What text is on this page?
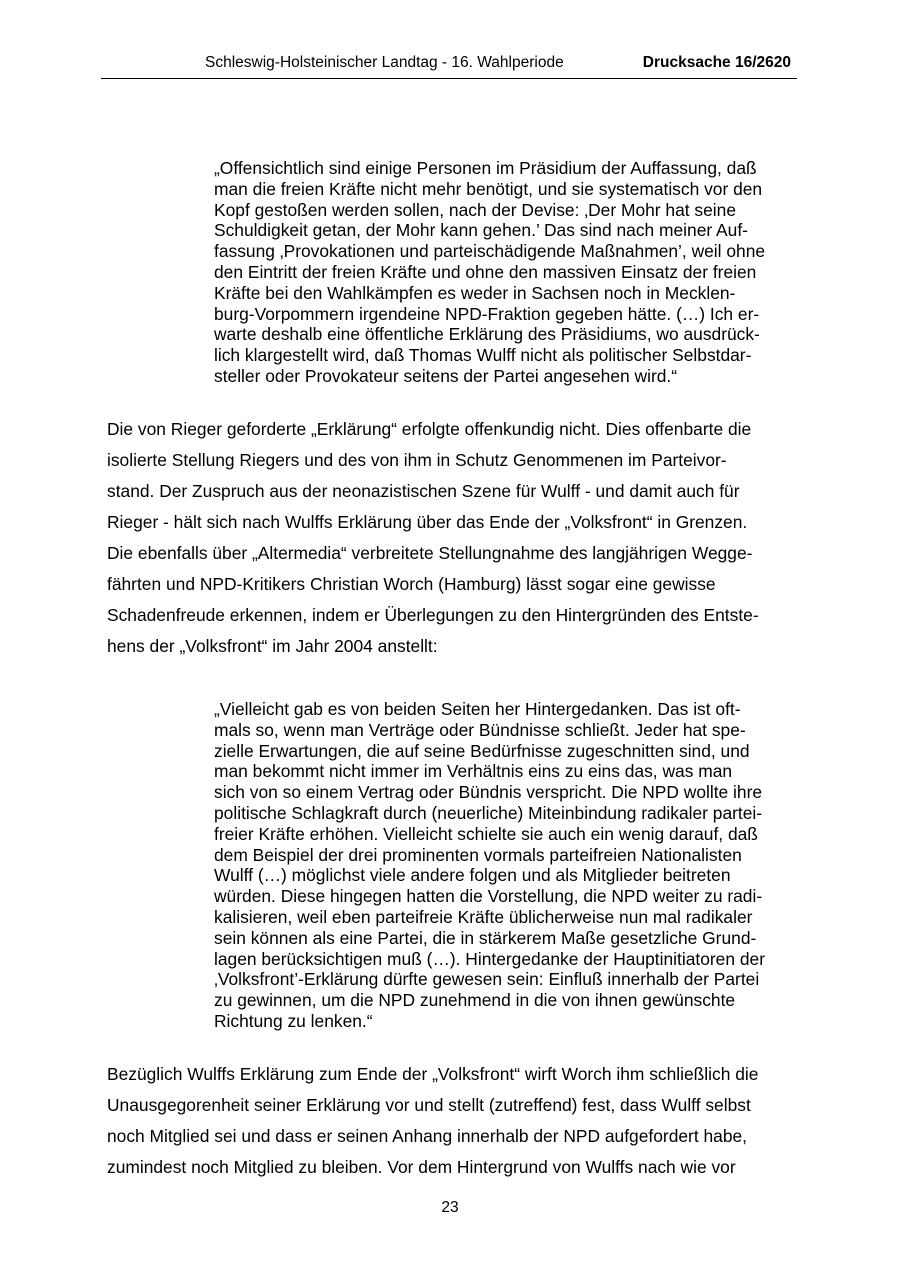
Schleswig-Holsteinischer Landtag - 16. Wahlperiode	Drucksache 16/2620
„Offensichtlich sind einige Personen im Präsidium der Auffassung, daß
man die freien Kräfte nicht mehr benötigt, und sie systematisch vor den
Kopf gestoßen werden sollen, nach der Devise: ‚Der Mohr hat seine
Schuldigkeit getan, der Mohr kann gehen.’ Das sind nach meiner Auf-
fassung ‚Provokationen und parteischädigende Maßnahmen’, weil ohne
den Eintritt der freien Kräfte und ohne den massiven Einsatz der freien
Kräfte bei den Wahlkämpfen es weder in Sachsen noch in Mecklen-
burg-Vorpommern irgendeine NPD-Fraktion gegeben hätte. (…) Ich er-
warte deshalb eine öffentliche Erklärung des Präsidiums, wo ausdrück-
lich klargestellt wird, daß Thomas Wulff nicht als politischer Selbstdar-
steller oder Provokateur seitens der Partei angesehen wird.“
Die von Rieger geforderte „Erklärung“ erfolgte offenkundig nicht. Dies offenbarte die
isolierte Stellung Riegers und des von ihm in Schutz Genommenen im Parteivor-
stand. Der Zuspruch aus der neonazistischen Szene für Wulff - und damit auch für
Rieger - hält sich nach Wulffs Erklärung über das Ende der „Volksfront“ in Grenzen.
Die ebenfalls über „Altermedia“ verbreitete Stellungnahme des langjährigen Wegge-
fährten und NPD-Kritikers Christian Worch (Hamburg) lässt sogar eine gewisse
Schadenfreude erkennen, indem er Überlegungen zu den Hintergründen des Entste-
hens der „Volksfront“ im Jahr 2004 anstellt:
„Vielleicht gab es von beiden Seiten her Hintergedanken. Das ist oft-
mals so, wenn man Verträge oder Bündnisse schließt. Jeder hat spe-
zielle Erwartungen, die auf seine Bedürfnisse zugeschnitten sind, und
man bekommt nicht immer im Verhältnis eins zu eins das, was man
sich von so einem Vertrag oder Bündnis verspricht. Die NPD wollte ihre
politische Schlagkraft durch (neuerliche) Miteinbindung radikaler partei-
freier Kräfte erhöhen. Vielleicht schielte sie auch ein wenig darauf, daß
dem Beispiel der drei prominenten vormals parteifreien Nationalisten
Wulff (…) möglichst viele andere folgen und als Mitglieder beitreten
würden. Diese hingegen hatten die Vorstellung, die NPD weiter zu radi-
kalisieren, weil eben parteifreie Kräfte üblicherweise nun mal radikaler
sein können als eine Partei, die in stärkerem Maße gesetzliche Grund-
lagen berücksichtigen muß (…). Hintergedanke der Hauptinitiatoren der
‚Volksfront’-Erklärung dürfte gewesen sein: Einfluß innerhalb der Partei
zu gewinnen, um die NPD zunehmend in die von ihnen gewünschte
Richtung zu lenken.“
Bezüglich Wulffs Erklärung zum Ende der „Volksfront“ wirft Worch ihm schließlich die
Unausgegorenheit seiner Erklärung vor und stellt (zutreffend) fest, dass Wulff selbst
noch Mitglied sei und dass er seinen Anhang innerhalb der NPD aufgefordert habe,
zumindest noch Mitglied zu bleiben. Vor dem Hintergrund von Wulffs nach wie vor
23
